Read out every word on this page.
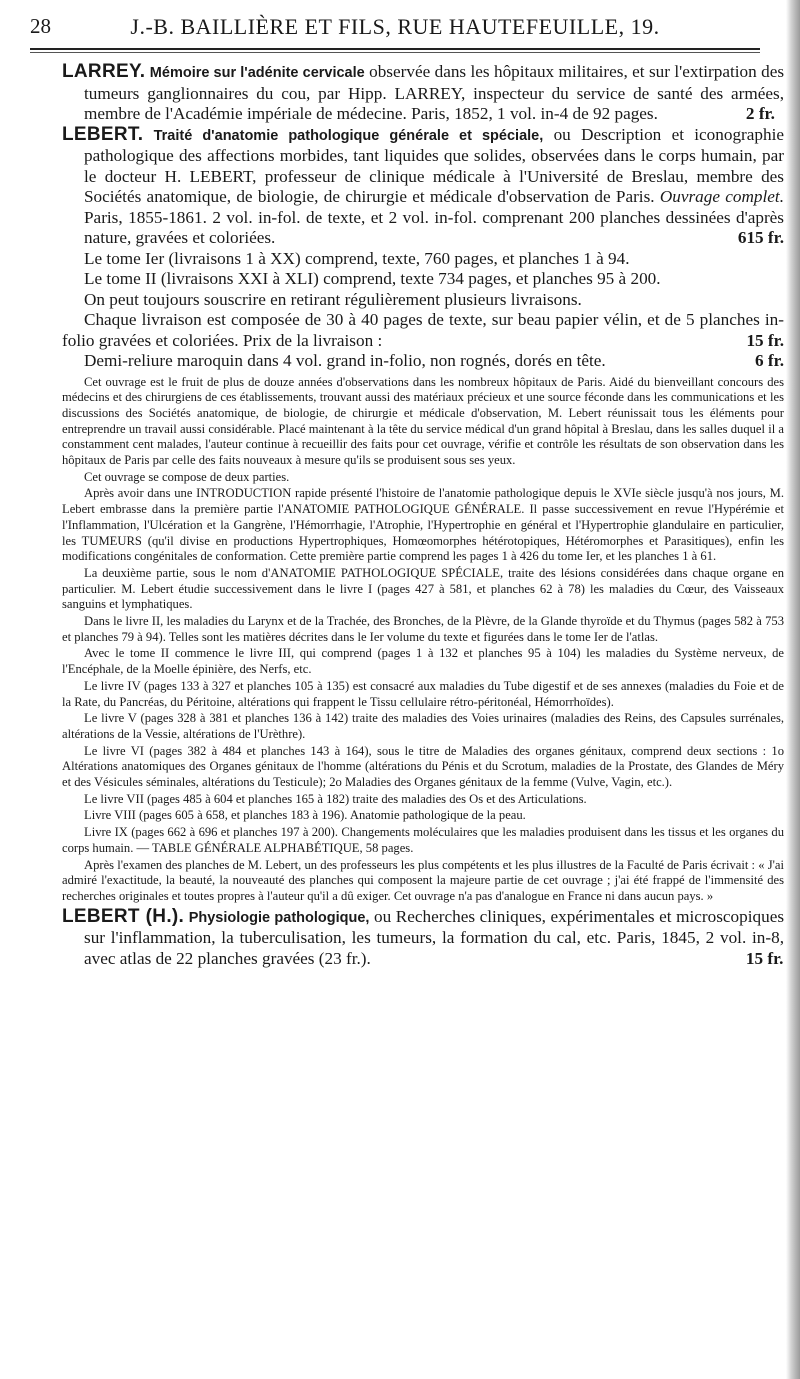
28	J.-B. BAILLIÈRE ET FILS, RUE HAUTEFEUILLE, 19.

LARREY. Mémoire sur l'adénite cervicale observée dans les hôpitaux militaires, et sur l'extirpation des tumeurs ganglionnaires du cou, par Hipp. LARREY, inspecteur du service de santé des armées, membre de l'Académie impériale de médecine. Paris, 1852, 1 vol. in-4 de 92 pages.	2 fr.

LEBERT. Traité d'anatomie pathologique générale et spéciale, ou Description et iconographie pathologique des affections morbides, tant liquides que solides, observées dans le corps humain, par le docteur H. LEBERT, professeur de clinique médicale à l'Université de Breslau, membre des Sociétés anatomique, de biologie, de chirurgie et médicale d'observation de Paris. Ouvrage complet. Paris, 1855-1861. 2 vol. in-fol. de texte, et 2 vol. in-fol. comprenant 200 planches dessinées d'après nature, gravées et coloriées.	615 fr.

Le tome Ier (livraisons 1 à XX) comprend, texte, 760 pages, et planches 1 à 94.

Le tome II (livraisons XXI à XLI) comprend, texte 734 pages, et planches 95 à 200.

On peut toujours souscrire en retirant régulièrement plusieurs livraisons.

Chaque livraison est composée de 30 à 40 pages de texte, sur beau papier vélin, et de 5 planches in-folio gravées et coloriées. Prix de la livraison :	15 fr.

Demi-reliure maroquin dans 4 vol. grand in-folio, non rognés, dorés en tête.	6 fr.

Cet ouvrage est le fruit de plus de douze années d'observations dans les nombreux hôpitaux de Paris. Aidé du bienveillant concours des médecins et des chirurgiens de ces établissements, trouvant aussi des matériaux précieux et une source féconde dans les communications et les discussions des Sociétés anatomique, de biologie, de chirurgie et médicale d'observation, M. Lebert réunissait tous les éléments pour entreprendre un travail aussi considérable. Placé maintenant à la tête du service médical d'un grand hôpital à Breslau, dans les salles duquel il a constamment cent malades, l'auteur continue à recueillir des faits pour cet ouvrage, vérifie et contrôle les résultats de son observation dans les hôpitaux de Paris par celle des faits nouveaux à mesure qu'ils se produisent sous ses yeux.

Cet ouvrage se compose de deux parties.

Après avoir dans une INTRODUCTION rapide présenté l'histoire de l'anatomie pathologique depuis le XVIe siècle jusqu'à nos jours, M. Lebert embrasse dans la première partie l'ANATOMIE PATHOLOGIQUE GÉNÉRALE. Il passe successivement en revue l'Hypérémie et l'Inflammation, l'Ulcération et la Gangrène, l'Hémorrhagie, l'Atrophie, l'Hypertrophie en général et l'Hypertrophie glandulaire en particulier, les TUMEURS (qu'il divise en productions Hypertrophiques, Homœomorphes hétérotopiques, Hétéromorphes et Parasitiques), enfin les modifications congénitales de conformation. Cette première partie comprend les pages 1 à 426 du tome Ier, et les planches 1 à 61.

La deuxième partie, sous le nom d'ANATOMIE PATHOLOGIQUE SPÉCIALE, traite des lésions considérées dans chaque organe en particulier. M. Lebert étudie successivement dans le livre I (pages 427 à 581, et planches 62 à 78) les maladies du Cœur, des Vaisseaux sanguins et lymphatiques.

Dans le livre II, les maladies du Larynx et de la Trachée, des Bronches, de la Plèvre, de la Glande thyroïde et du Thymus (pages 582 à 753 et planches 79 à 94). Telles sont les matières décrites dans le Ier volume du texte et figurées dans le tome Ier de l'atlas.

Avec le tome II commence le livre III, qui comprend (pages 1 à 132 et planches 95 à 104) les maladies du Système nerveux, de l'Encéphale, de la Moelle épinière, des Nerfs, etc.

Le livre IV (pages 133 à 327 et planches 105 à 135) est consacré aux maladies du Tube digestif et de ses annexes (maladies du Foie et de la Rate, du Pancréas, du Péritoine, altérations qui frappent le Tissu cellulaire rétro-péritonéal, Hémorrhoïdes).

Le livre V (pages 328 à 381 et planches 136 à 142) traite des maladies des Voies urinaires (maladies des Reins, des Capsules surrénales, altérations de la Vessie, altérations de l'Urèthre).

Le livre VI (pages 382 à 484 et planches 143 à 164), sous le titre de Maladies des organes génitaux, comprend deux sections : 1o Altérations anatomiques des Organes génitaux de l'homme (altérations du Pénis et du Scrotum, maladies de la Prostate, des Glandes de Méry et des Vésicules séminales, altérations du Testicule); 2o Maladies des Organes génitaux de la femme (Vulve, Vagin, etc.).

Le livre VII (pages 485 à 604 et planches 165 à 182) traite des maladies des Os et des Articulations.

Livre VIII (pages 605 à 658, et planches 183 à 196). Anatomie pathologique de la peau.

Livre IX (pages 662 à 696 et planches 197 à 200). Changements moléculaires que les maladies produisent dans les tissus et les organes du corps humain. — TABLE GÉNÉRALE ALPHABÉTIQUE, 58 pages.

Après l'examen des planches de M. Lebert, un des professeurs les plus compétents et les plus illustres de la Faculté de Paris écrivait : « J'ai admiré l'exactitude, la beauté, la nouveauté des planches qui composent la majeure partie de cet ouvrage ; j'ai été frappé de l'immensité des recherches originales et toutes propres à l'auteur qu'il a dû exiger. Cet ouvrage n'a pas d'analogue en France ni dans aucun pays. »

LEBERT (H.). Physiologie pathologique, ou Recherches cliniques, expérimentales et microscopiques sur l'inflammation, la tuberculisation, les tumeurs, la formation du cal, etc. Paris, 1845, 2 vol. in-8, avec atlas de 22 planches gravées (23 fr.).	15 fr.
